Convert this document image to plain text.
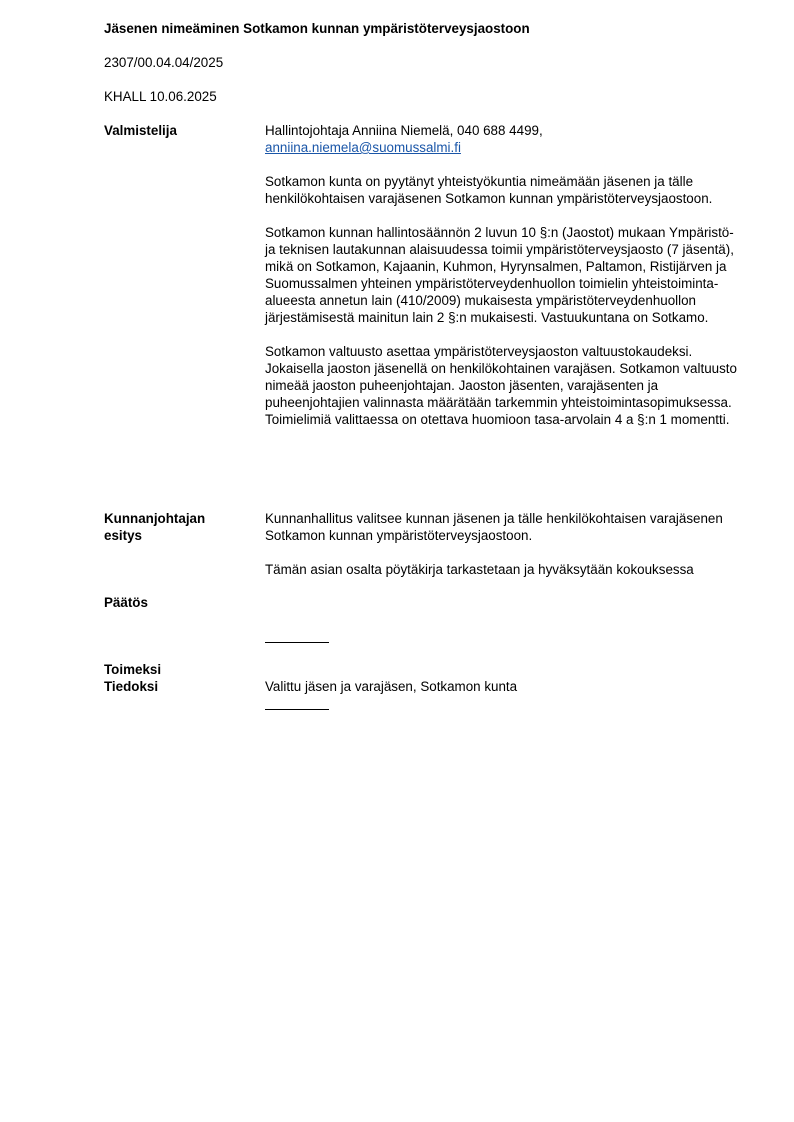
Jäsenen nimeäminen Sotkamon kunnan ympäristöterveysjaostoon
2307/00.04.04/2025
KHALL 10.06.2025
Valmistelija	Hallintojohtaja Anniina Niemelä, 040 688 4499,
anniina.niemela@suomussalmi.fi
Sotkamon kunta on pyytänyt yhteistyökuntia nimeämään jäsenen ja tälle henkilökohtaisen varajäsenen Sotkamon kunnan ympäristöterveysjaostoon.
Sotkamon kunnan hallintosäännön 2 luvun 10 §:n (Jaostot) mukaan Ympäristö- ja teknisen lautakunnan alaisuudessa toimii ympäristöterveysjaosto (7 jäsentä), mikä on Sotkamon, Kajaanin, Kuhmon, Hyrynsalmen, Paltamon, Ristijärven ja Suomussalmen yhteinen ympäristöterveydenhuollon toimielin yhteistoiminta-alueesta annetun lain (410/2009) mukaisesta ympäristöterveydenhuollon järjestämisestä mainitun lain 2 §:n mukaisesti. Vastuukuntana on Sotkamo.
Sotkamon valtuusto asettaa ympäristöterveysjaoston valtuustokaudeksi. Jokaisella jaoston jäsenellä on henkilökohtainen varajäsen. Sotkamon valtuusto nimeää jaoston puheenjohtajan. Jaoston jäsenten, varajäsenten ja puheenjohtajien valinnasta määrätään tarkemmin yhteistoimintasopimuksessa. Toimielimiä valittaessa on otettava huomioon tasa-arvolain 4 a §:n 1 momentti.
Kunnanjohtajan
esitys
Kunnanhallitus valitsee kunnan jäsenen ja tälle henkilökohtaisen varajäsenen Sotkamon kunnan ympäristöterveysjaostoon.
Tämän asian osalta pöytäkirja tarkastetaan ja hyväksytään kokouksessa
Päätös
Toimeksi
Tiedoksi	Valittu jäsen ja varajäsen, Sotkamon kunta
